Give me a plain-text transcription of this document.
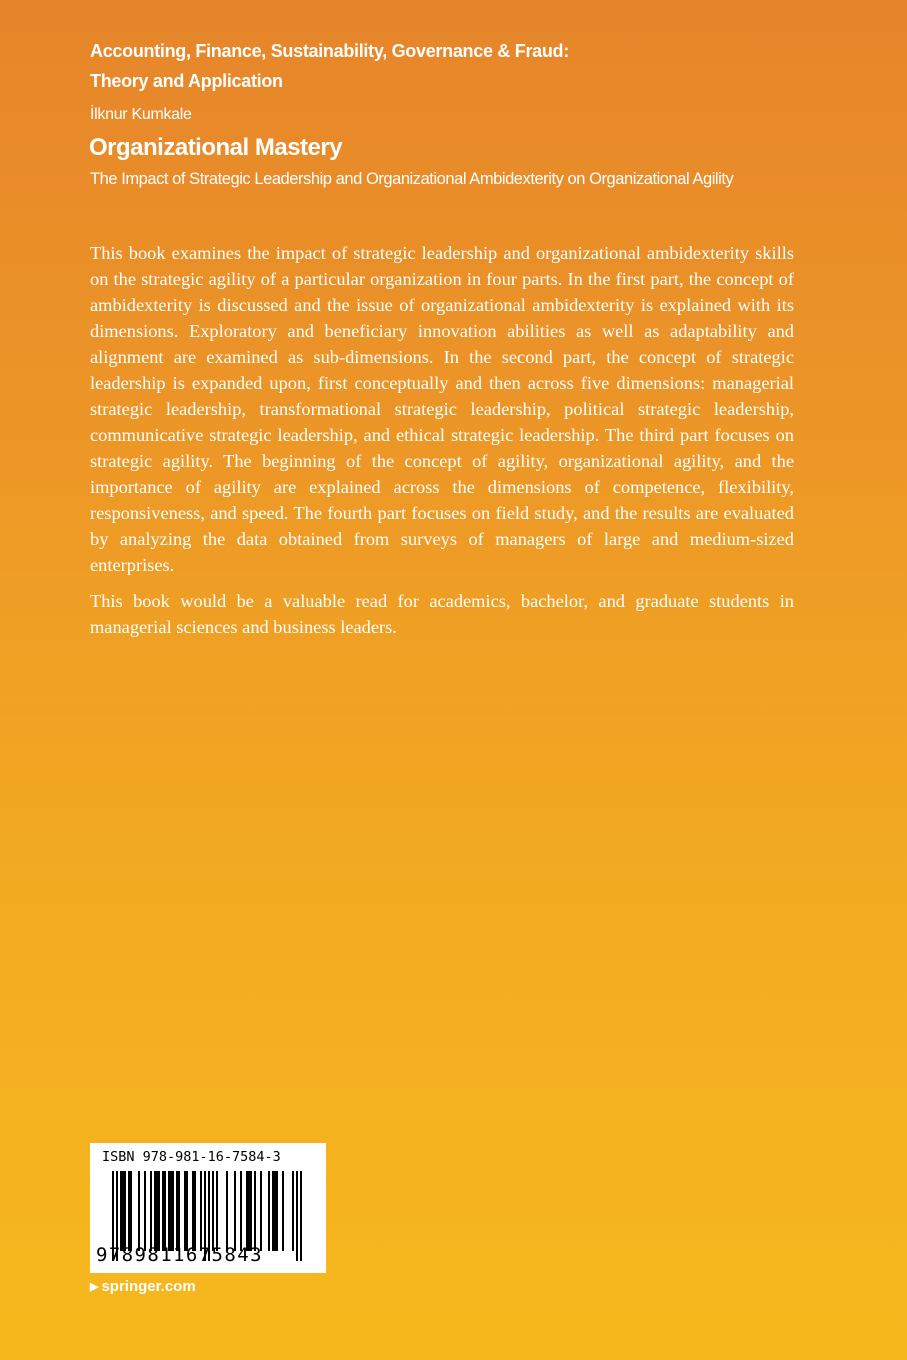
Accounting, Finance, Sustainability, Governance & Fraud:
Theory and Application
İlknur Kumkale
Organizational Mastery
The Impact of Strategic Leadership and Organizational Ambidexterity on Organizational Agility

This book examines the impact of strategic leadership and organizational ambidexterity skills on the strategic agility of a particular organization in four parts. In the first part, the concept of ambidexterity is discussed and the issue of organizational ambidexterity is explained with its dimensions. Exploratory and beneficiary innovation abilities as well as adaptability and alignment are examined as sub-dimensions. In the second part, the concept of strategic leadership is expanded upon, first conceptually and then across five dimensions: managerial strategic leadership, transformational strategic leadership, political strategic leadership, communicative strategic leadership, and ethical strategic leadership. The third part focuses on strategic agility. The beginning of the concept of agility, organizational agility, and the importance of agility are explained across the dimensions of competence, flexibility, responsiveness, and speed. The fourth part focuses on field study, and the results are evaluated by analyzing the data obtained from surveys of managers of large and medium-sized enterprises.

This book would be a valuable read for academics, bachelor, and graduate students in managerial sciences and business leaders.

ISBN 978-981-16-7584-3
9789811675843
▶ springer.com
